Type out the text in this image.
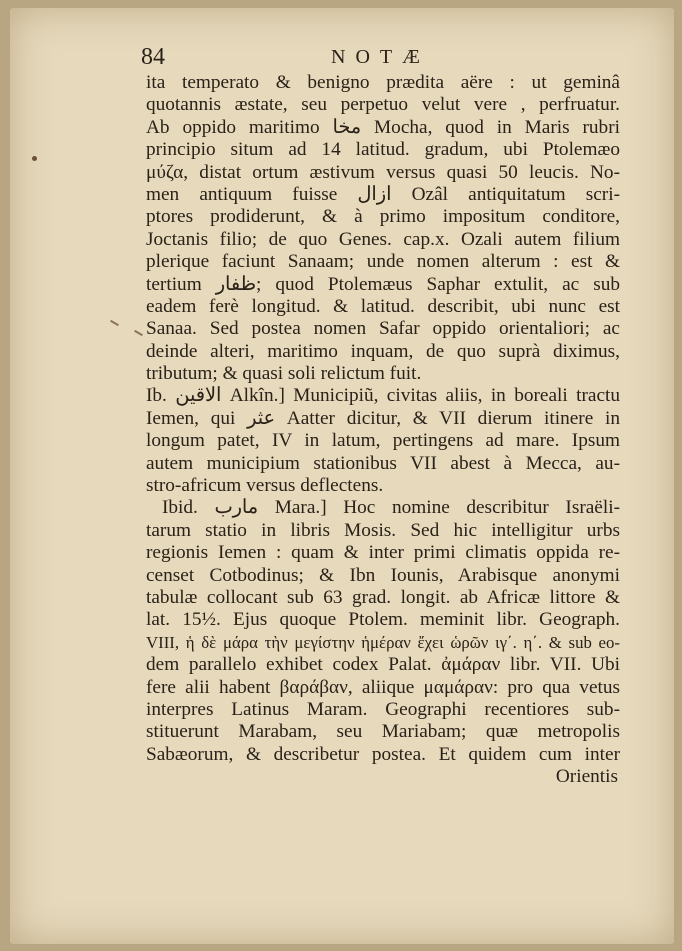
84	NOTÆ
ita temperato & benigno prædita aëre : ut geminâ
quotannis æstate, seu perpetuo velut vere , perfruatur.
Ab oppido maritimo مخا Mocha, quod in Maris rubri
principio situm ad 14 latitud. gradum, ubi Ptolemæo
μύζα, distat ortum æstivum versus quasi 50 leucis. No-
men antiquum fuisse ازال Ozâl antiquitatum scri-
ptores prodiderunt, & à primo impositum conditore,
Joctanis filio; de quo Genes. cap.x. Ozali autem filium
plerique faciunt Sanaam; unde nomen alterum : est &
tertium ظفار; quod Ptolemæus Saphar extulit, ac sub
eadem ferè longitud. & latitud. describit, ubi nunc est
Sanaa. Sed postea nomen Safar oppido orientaliori; ac
deinde alteri, maritimo inquam, de quo suprà diximus,
tributum; & quasi soli relictum fuit.
Ib. الاقين Alkîn.] Municipiũ, civitas aliis, in boreali tractu
Iemen, qui عثر Aatter dicitur, & VII dierum itinere in
longum patet, IV in latum, pertingens ad mare. Ipsum
autem municipium stationibus VII abest à Mecca, au-
stro-africum versus deflectens.
Ibid. مارب Mara.] Hoc nomine describitur Israëli-
tarum statio in libris Mosis. Sed hic intelligitur urbs
regionis Iemen : quam & inter primi climatis oppida re-
censet Cotbodinus; & Ibn Iounis, Arabisque anonymi
tabulæ collocant sub 63 grad. longit. ab Africæ littore &
lat. 15½. Ejus quoque Ptolem. meminit libr. Geograph.
VIII, ἡ δὲ μάρα τὴν μεγίστην ἡμέραν ἔχει ὡρῶν ιγ΄. η΄. & sub eo-
dem parallelo exhibet codex Palat. ἀμάραν libr. VII. Ubi
fere alii habent βαράβαν, aliique μαμάραν: pro qua vetus
interpres Latinus Maram. Geographi recentiores sub-
stituerunt Marabam, seu Mariabam; quæ metropolis
Sabæorum, & describetur postea. Et quidem cum inter
Orientis
